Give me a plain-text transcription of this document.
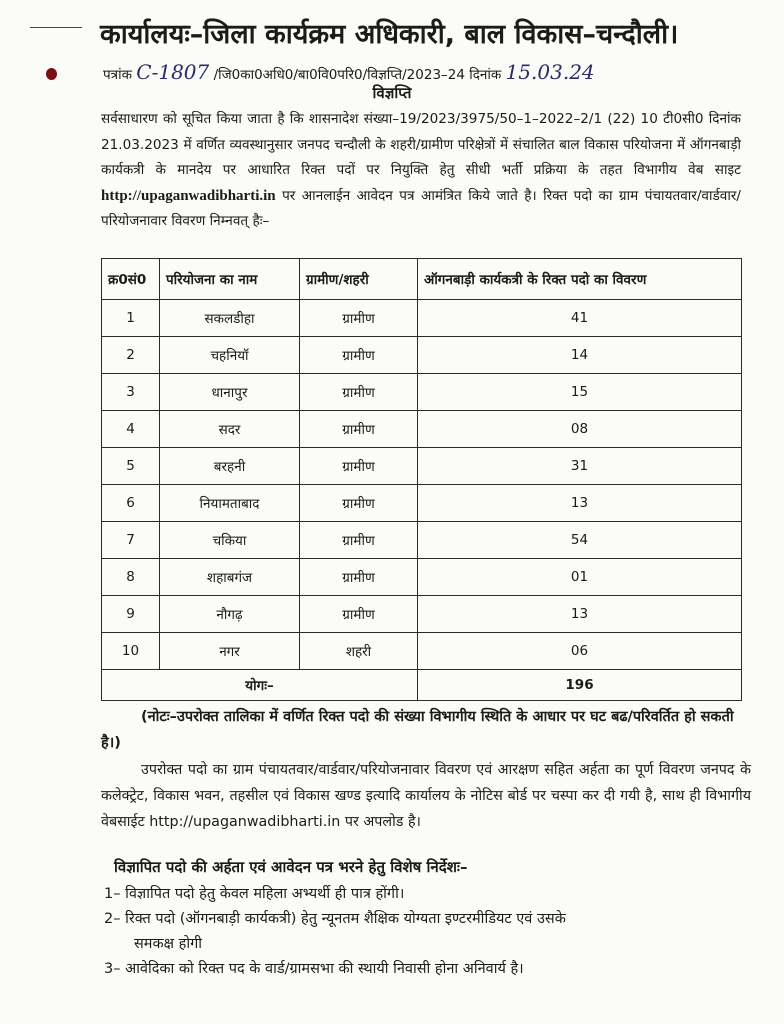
कार्यालयः–जिला कार्यक्रम अधिकारी, बाल विकास–चन्दौली।
पत्रांक C-1807 /जि0का0अधि0/बा0वि0परि0/विज्ञप्ति/2023–24 दिनांक 15.03.24
विज्ञप्ति
सर्वसाधारण को सूचित किया जाता है कि शासनादेश संख्या–19/2023/3975/50–1–2022–2/1 (22) 10 टी0सी0 दिनांक 21.03.2023 में वर्णित व्यवस्थानुसार जनपद चन्दौली के शहरी/ग्रामीण परिक्षेत्रों में संचालित बाल विकास परियोजना में ऑगनबाड़ी कार्यकत्री के मानदेय पर आधारित रिक्त पदों पर नियुक्ति हेतु सीधी भर्ती प्रक्रिया के तहत विभागीय वेब साइट http://upaganwadibharti.in पर आनलाईन आवेदन पत्र आमंत्रित किये जाते है। रिक्त पदो का ग्राम पंचायतवार/वार्डवार/परियोजनावार विवरण निम्नवत् हैः–
क्र0सं0	परियोजना का नाम	ग्रामीण/शहरी	ऑगनबाड़ी कार्यकत्री के रिक्त पदो का विवरण
1	सकलडीहा	ग्रामीण	41
2	चहनियॉ	ग्रामीण	14
3	धानापुर	ग्रामीण	15
4	सदर	ग्रामीण	08
5	बरहनी	ग्रामीण	31
6	नियामताबाद	ग्रामीण	13
7	चकिया	ग्रामीण	54
8	शहाबगंज	ग्रामीण	01
9	नौगढ़	ग्रामीण	13
10	नगर	शहरी	06
योगः–			196
(नोटः–उपरोक्त तालिका में वर्णित रिक्त पदो की संख्या विभागीय स्थिति के आधार पर घट बढ/परिवर्तित हो सकती है।)
उपरोक्त पदो का ग्राम पंचायतवार/वार्डवार/परियोजनावार विवरण एवं आरक्षण सहित अर्हता का पूर्ण विवरण जनपद के कलेक्ट्रेट, विकास भवन, तहसील एवं विकास खण्ड इत्यादि कार्यालय के नोटिस बोर्ड पर चस्पा कर दी गयी है, साथ ही विभागीय वेबसाईट http://upaganwadibharti.in पर अपलोड है।
विज्ञापित पदो की अर्हता एवं आवेदन पत्र भरने हेतु विशेष निर्देशः–
1– विज्ञापित पदो हेतु केवल महिला अभ्यर्थी ही पात्र होंगी।
2– रिक्त पदो (ऑगनबाड़ी कार्यकत्री) हेतु न्यूनतम शैक्षिक योग्यता इण्टरमीडियट एवं उसके
समकक्ष होगी
3– आवेदिका को रिक्त पद के वार्ड/ग्रामसभा की स्थायी निवासी होना अनिवार्य है।
